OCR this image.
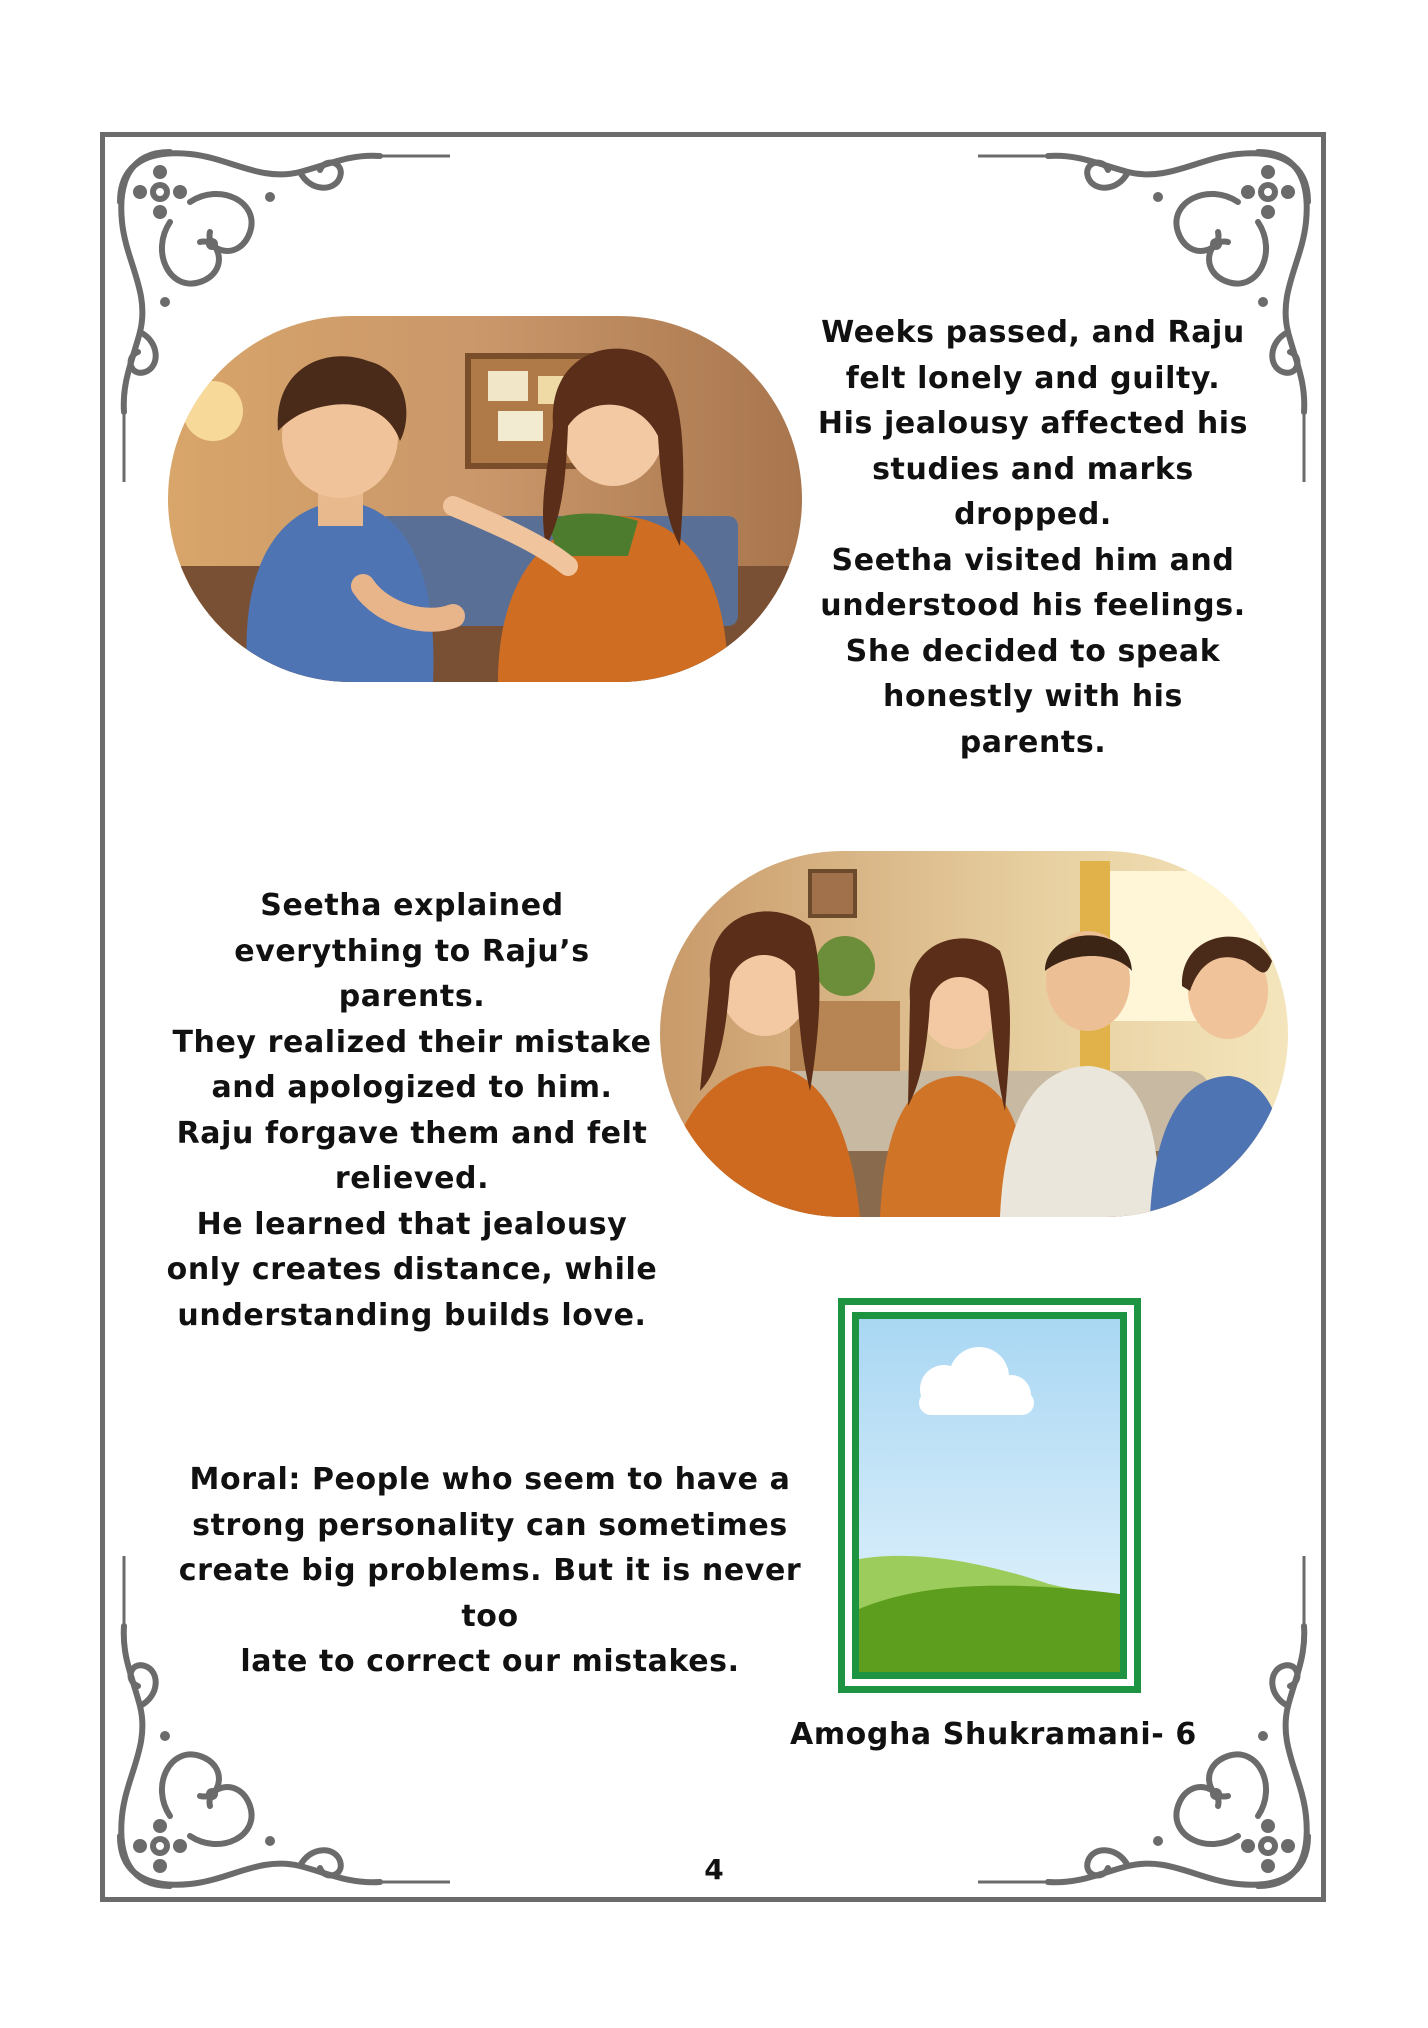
Weeks passed, and Raju

felt lonely and guilty.

His jealousy affected his

studies and marks

dropped.

Seetha visited him and

understood his feelings.

She decided to speak

honestly with his parents.

Seetha explained

everything to Raju’s

parents.

They realized their mistake

and apologized to him.

Raju forgave them and felt

relieved.

He learned that jealousy

only creates distance, while

understanding builds love.

Moral: People who seem to have a

strong personality can sometimes

create big problems. But it is never too

late to correct our mistakes.

Amogha Shukramani- 6
4
